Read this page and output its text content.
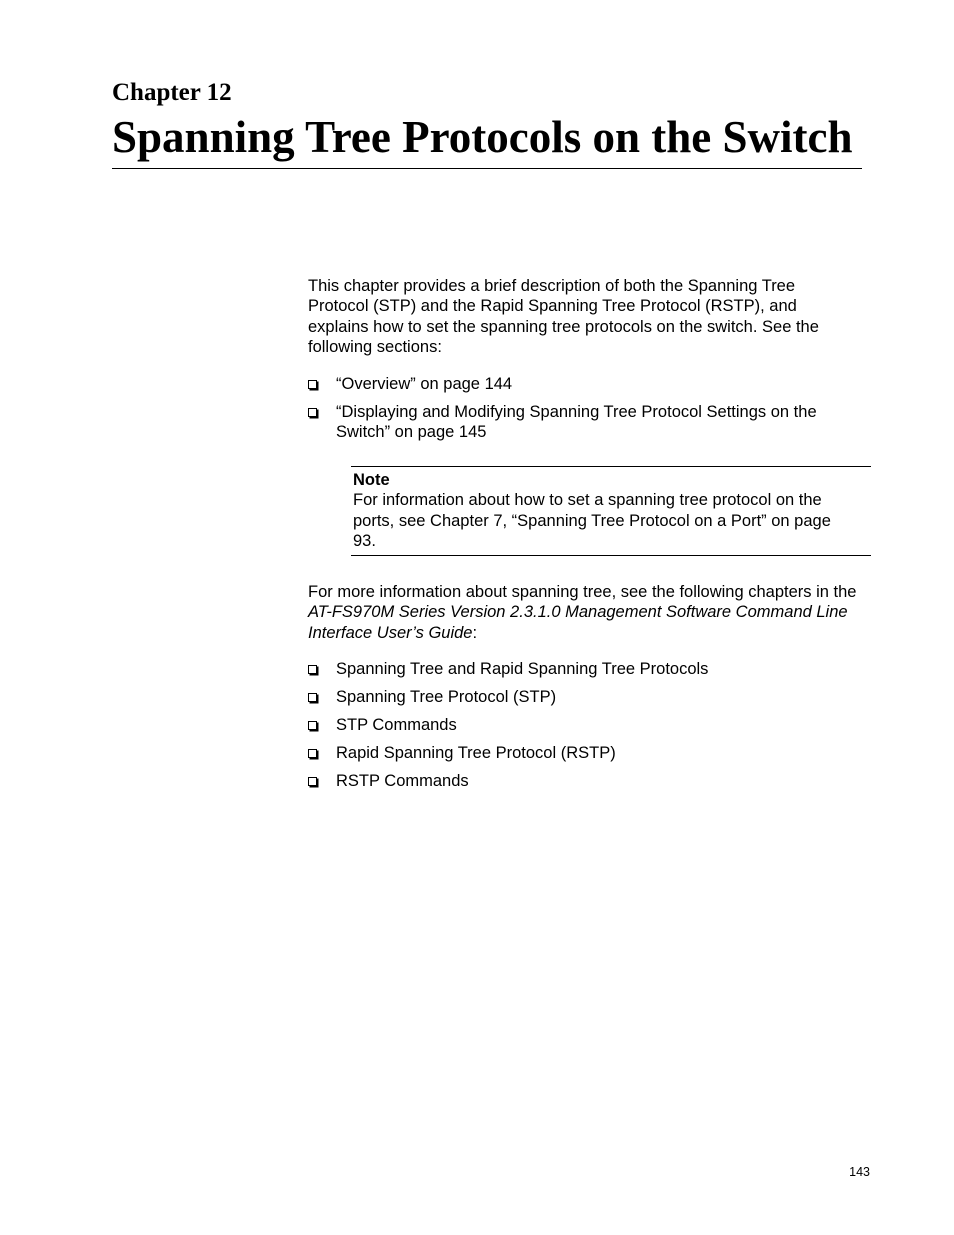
Chapter 12
Spanning Tree Protocols on the Switch

This chapter provides a brief description of both the Spanning Tree Protocol (STP) and the Rapid Spanning Tree Protocol (RSTP), and explains how to set the spanning tree protocols on the switch. See the following sections:

“Overview” on page 144
“Displaying and Modifying Spanning Tree Protocol Settings on the Switch” on page 145

Note

For information about how to set a spanning tree protocol on the ports, see Chapter 7, “Spanning Tree Protocol on a Port” on page 93.

For more information about spanning tree, see the following chapters in the AT-FS970M Series Version 2.3.1.0 Management Software Command Line Interface User’s Guide:

Spanning Tree and Rapid Spanning Tree Protocols
Spanning Tree Protocol (STP)
STP Commands
Rapid Spanning Tree Protocol (RSTP)
RSTP Commands
143
